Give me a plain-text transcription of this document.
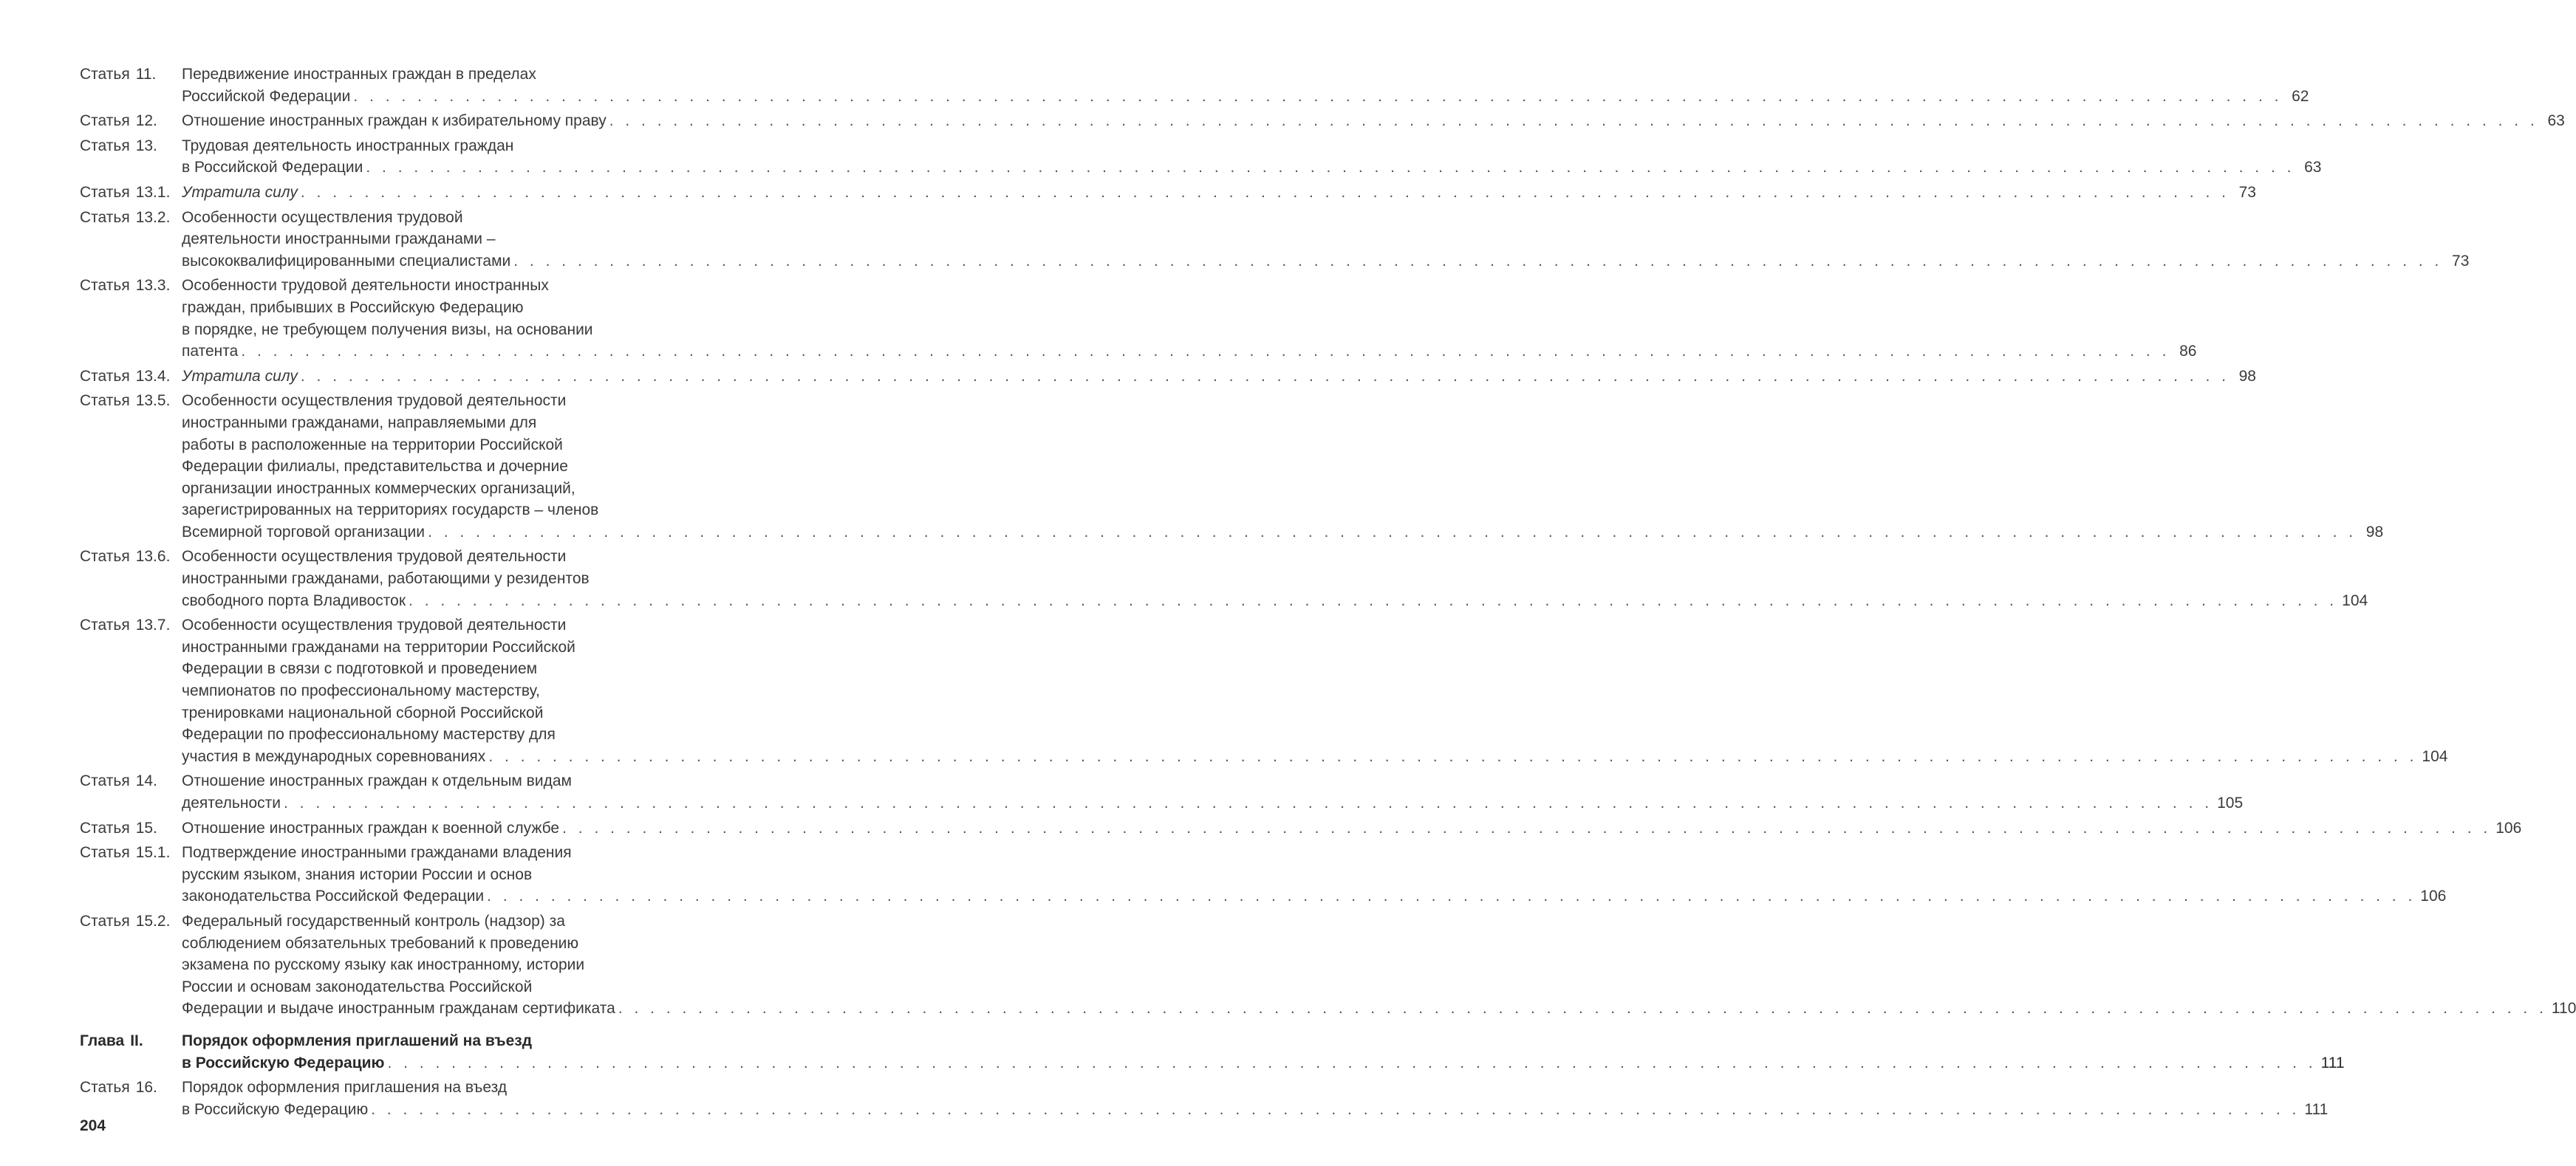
Статья 11.	Передвижение иностранных граждан в пределах
Российской Федерации . . .	62
Статья 12.	Отношение иностранных граждан к избирательному праву . . .	63
Статья 13.	Трудовая деятельность иностранных граждан
в Российской Федерации . . .	63
Статья 13.1. Утратила силу . . .	73
Статья 13.2. Особенности осуществления трудовой
деятельности иностранными гражданами –
высококвалифицированными специалистами . . .	73
Статья 13.3. Особенности трудовой деятельности иностранных
граждан, прибывших в Российскую Федерацию
в порядке, не требующем получения визы, на основании
патента . . .	86
Статья 13.4. Утратила силу . . .	98
Статья 13.5. Особенности осуществления трудовой деятельности
иностранными гражданами, направляемыми для
работы в расположенные на территории Российской
Федерации филиалы, представительства и дочерние
организации иностранных коммерческих организаций,
зарегистрированных на территориях государств – членов
Всемирной торговой организации . . .	98
Статья 13.6. Особенности осуществления трудовой деятельности
иностранными гражданами, работающими у резидентов
свободного порта Владивосток . . .	104
Статья 13.7. Особенности осуществления трудовой деятельности
иностранными гражданами на территории Российской
Федерации в связи с подготовкой и проведением
чемпионатов по профессиональному мастерству,
тренировками национальной сборной Российской
Федерации по профессиональному мастерству для
участия в международных соревнованиях . . .	104
Статья 14.	Отношение иностранных граждан к отдельным видам
деятельности . . .	105
Статья 15.	Отношение иностранных граждан к военной службе . . .	106
Статья 15.1. Подтверждение иностранными гражданами владения
русским языком, знания истории России и основ
законодательства Российской Федерации . . .	106
Статья 15.2. Федеральный государственный контроль (надзор) за
соблюдением обязательных требований к проведению
экзамена по русскому языку как иностранному, истории
России и основам законодательства Российской
Федерации и выдаче иностранным гражданам сертификата . . .	110
Глава II.	Порядок оформления приглашений на въезд
в Российскую Федерацию . . .	111
Статья 16.	Порядок оформления приглашения на въезд
в Российскую Федерацию . . .	111
204
